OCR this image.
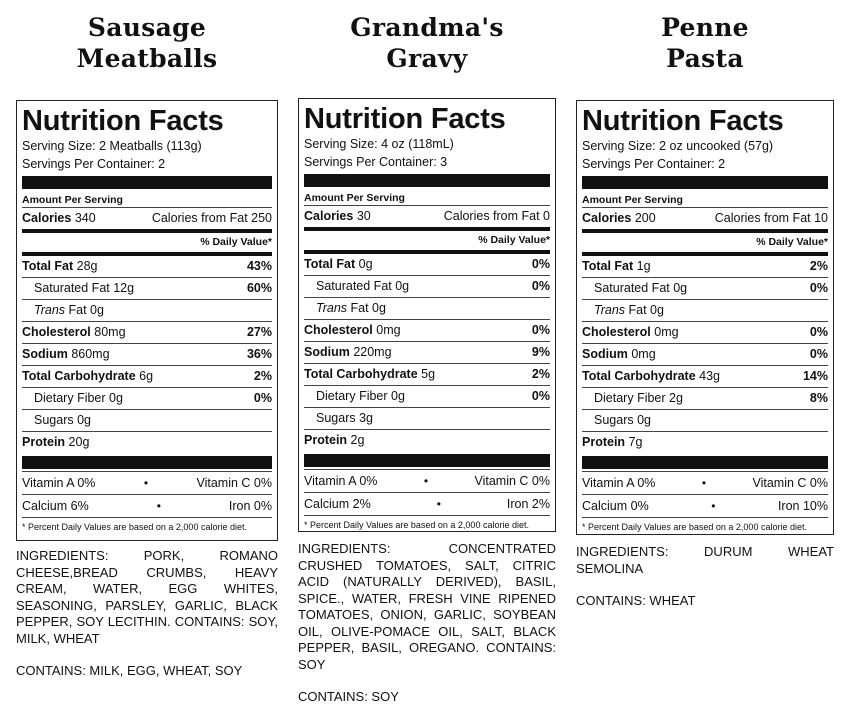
Sausage
Meatballs
Nutrition Facts
Serving Size: 2 Meatballs (113g)
Servings Per Container: 2
Amount Per Serving
Calories 340	Calories from Fat 250
% Daily Value*
Total Fat 28g	43%
Saturated Fat 12g	60%
Trans Fat 0g
Cholesterol 80mg	27%
Sodium 860mg	36%
Total Carbohydrate 6g	2%
Dietary Fiber 0g	0%
Sugars 0g
Protein 20g
Vitamin A 0%	•	Vitamin C 0%
Calcium 6%	•	Iron 0%
* Percent Daily Values are based on a 2,000 calorie diet.

INGREDIENTS: PORK, ROMANO CHEESE,BREAD CRUMBS, HEAVY CREAM, WATER, EGG WHITES, SEASONING, PARSLEY, GARLIC, BLACK PEPPER, SOY LECITHIN. CONTAINS: SOY, MILK, WHEAT

CONTAINS: MILK, EGG, WHEAT, SOY

Grandma's
Gravy
Nutrition Facts
Serving Size: 4 oz (118mL)
Servings Per Container: 3
Amount Per Serving
Calories 30	Calories from Fat 0
% Daily Value*
Total Fat 0g	0%
Saturated Fat 0g	0%
Trans Fat 0g
Cholesterol 0mg	0%
Sodium 220mg	9%
Total Carbohydrate 5g	2%
Dietary Fiber 0g	0%
Sugars 3g
Protein 2g
Vitamin A 0%	•	Vitamin C 0%
Calcium 2%	•	Iron 2%
* Percent Daily Values are based on a 2,000 calorie diet.

INGREDIENTS: CONCENTRATED CRUSHED TOMATOES, SALT, CITRIC ACID (NATURALLY DERIVED), BASIL, SPICE., WATER, FRESH VINE RIPENED TOMATOES, ONION, GARLIC, SOYBEAN OIL, OLIVE-POMACE OIL, SALT, BLACK PEPPER, BASIL, OREGANO. CONTAINS: SOY

CONTAINS: SOY

Penne
Pasta
Nutrition Facts
Serving Size: 2 oz uncooked (57g)
Servings Per Container: 2
Amount Per Serving
Calories 200	Calories from Fat 10
% Daily Value*
Total Fat 1g	2%
Saturated Fat 0g	0%
Trans Fat 0g
Cholesterol 0mg	0%
Sodium 0mg	0%
Total Carbohydrate 43g	14%
Dietary Fiber 2g	8%
Sugars 0g
Protein 7g
Vitamin A 0%	•	Vitamin C 0%
Calcium 0%	•	Iron 10%
* Percent Daily Values are based on a 2,000 calorie diet.

INGREDIENTS: DURUM WHEAT SEMOLINA

CONTAINS: WHEAT
